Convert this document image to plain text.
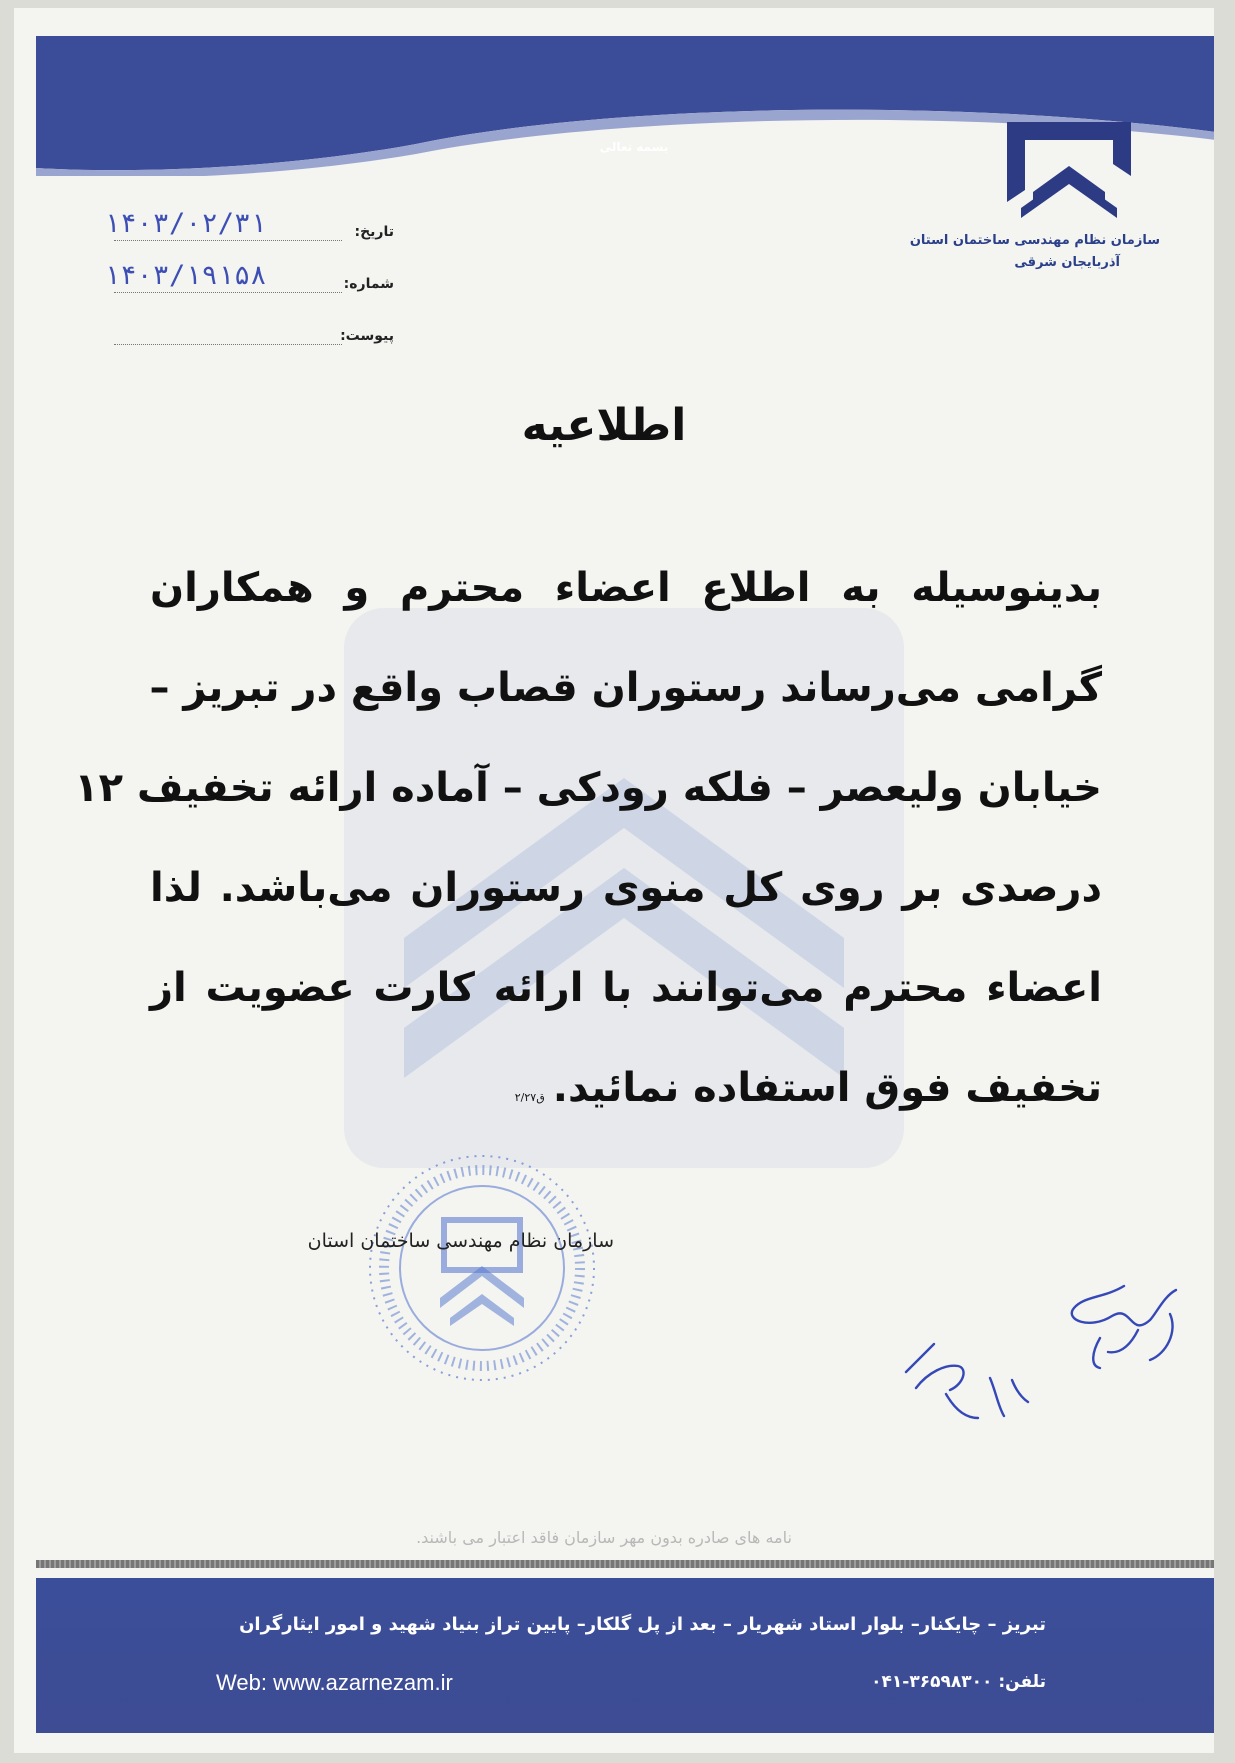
بسمه تعالی
سازمان نظام مهندسی ساختمان استان
آذربایجان شرقی
تاریخ:
۱۴۰۳/۰۲/۳۱
شماره:
۱۴۰۳/۱۹۱۵۸
پیوست:
اطلاعیه
بدینوسیله به اطلاع اعضاء محترم و همکاران
گرامی می‌رساند رستوران قصاب واقع در تبریز –
خیابان ولیعصر – فلکه رودکی – آماده ارائه تخفیف ۱۲
درصدی بر روی کل منوی رستوران می‌باشد. لذا
اعضاء محترم می‌توانند با ارائه کارت عضویت از
تخفیف فوق استفاده نمائید.ق۲/۲۷
سازمان نظام مهندسی ساختمان استان
نامه های صادره بدون مهر سازمان فاقد اعتبار می باشند.
تبریز – چایکنار– بلوار استاد شهریار – بعد از پل گلکار– پایین تراز بنیاد شهید و امور ایثارگران
Web: www.azarnezam.ir	تلفن:۰۴۱-۳۶۵۹۸۳۰۰
